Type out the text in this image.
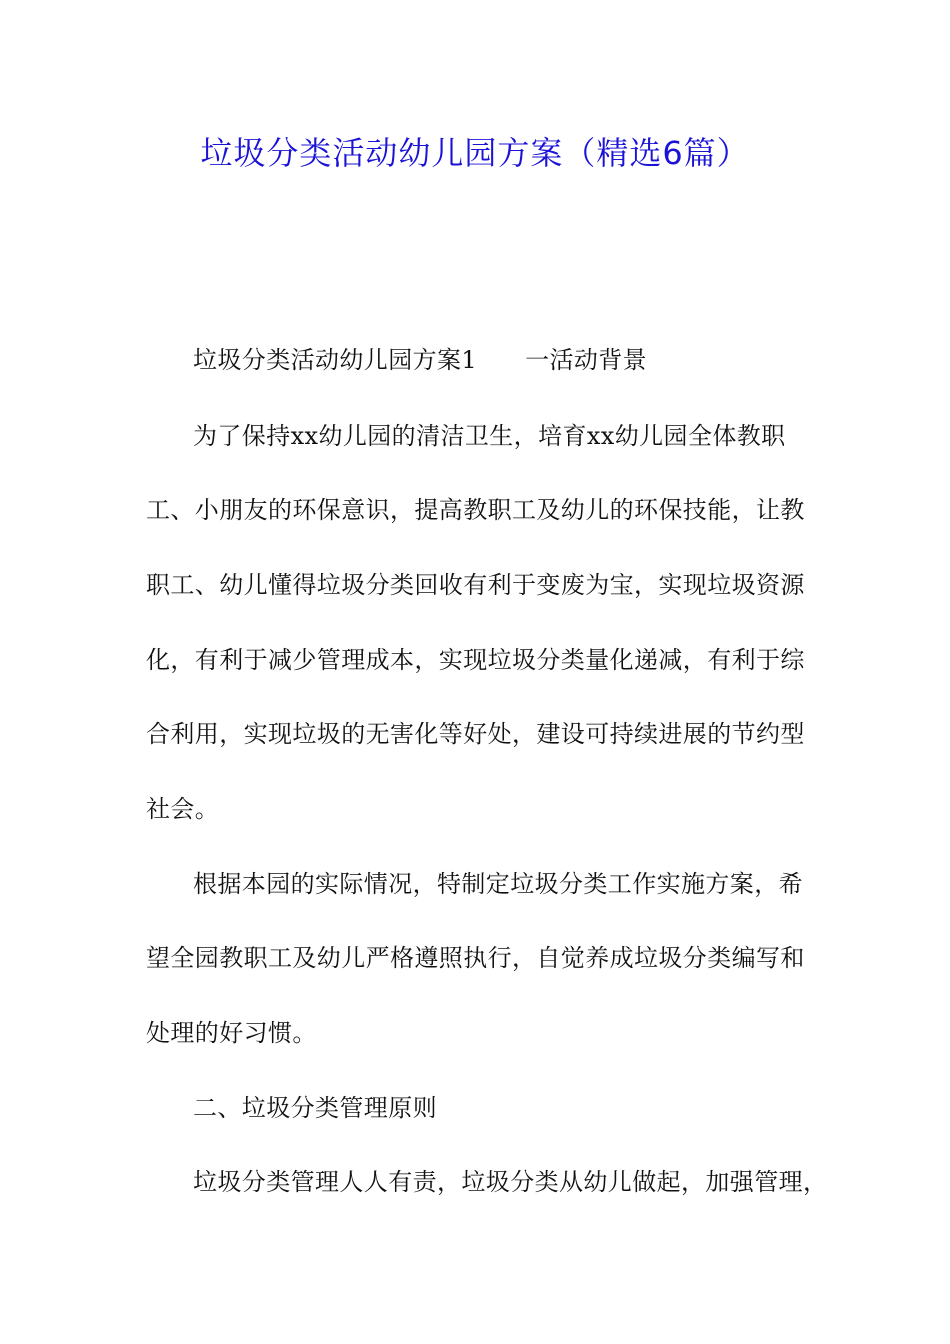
垃圾分类活动幼儿园方案（精选6篇）
垃圾分类活动幼儿园方案1 一活动背景
为了保持xx幼儿园的清洁卫生，培育xx幼儿园全体教职
工、小朋友的环保意识，提高教职工及幼儿的环保技能，让教
职工、幼儿懂得垃圾分类回收有利于变废为宝，实现垃圾资源
化，有利于减少管理成本，实现垃圾分类量化递减，有利于综
合利用，实现垃圾的无害化等好处，建设可持续进展的节约型
社会。
根据本园的实际情况，特制定垃圾分类工作实施方案，希
望全园教职工及幼儿严格遵照执行，自觉养成垃圾分类编写和
处理的好习惯。
二、垃圾分类管理原则
垃圾分类管理人人有责，垃圾分类从幼儿做起，加强管理，
